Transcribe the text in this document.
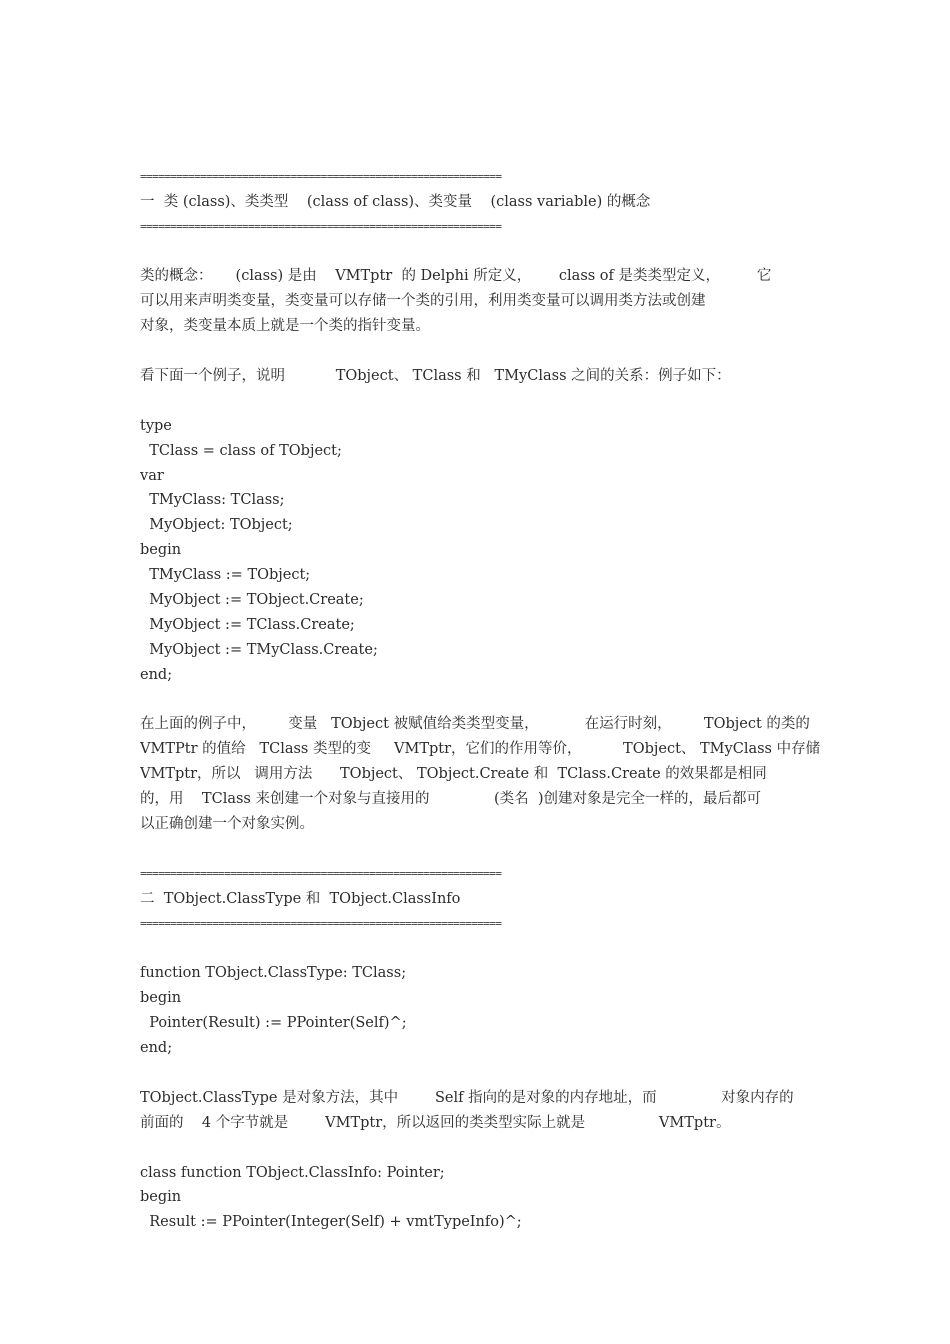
============================================================
一  类 (class)、类类型    (class of class)、类变量    (class variable) 的概念
============================================================
类的概念：     (class) 是由    VMTptr  的 Delphi 所定义，      class of 是类类型定义，        它
可以用来声明类变量，类变量可以存储一个类的引用，利用类变量可以调用类方法或创建
对象，类变量本质上就是一个类的指针变量。
看下面一个例子，说明           TObject、 TClass 和   TMyClass 之间的关系：例子如下：
type
TClass = class of TObject;
var
TMyClass: TClass;
MyObject: TObject;
begin
TMyClass := TObject;
MyObject := TObject.Create;
MyObject := TClass.Create;
MyObject := TMyClass.Create;
end;
在上面的例子中，       变量   TObject 被赋值给类类型变量，          在运行时刻，       TObject 的类的
VMTPtr 的值给   TClass 类型的变     VMTptr，它们的作用等价，         TObject、 TMyClass 中存储
VMTptr，所以   调用方法      TObject、 TObject.Create 和  TClass.Create 的效果都是相同
的，用    TClass 来创建一个对象与直接用的              (类名  )创建对象是完全一样的，最后都可
以正确创建一个对象实例。
============================================================
二  TObject.ClassType 和  TObject.ClassInfo
============================================================
function TObject.ClassType: TClass;
begin
Pointer(Result) := PPointer(Self)^;
end;
TObject.ClassType 是对象方法，其中        Self 指向的是对象的内存地址，而              对象内存的
前面的    4 个字节就是        VMTptr，所以返回的类类型实际上就是                VMTptr。
class function TObject.ClassInfo: Pointer;
begin
Result := PPointer(Integer(Self) + vmtTypeInfo)^;
